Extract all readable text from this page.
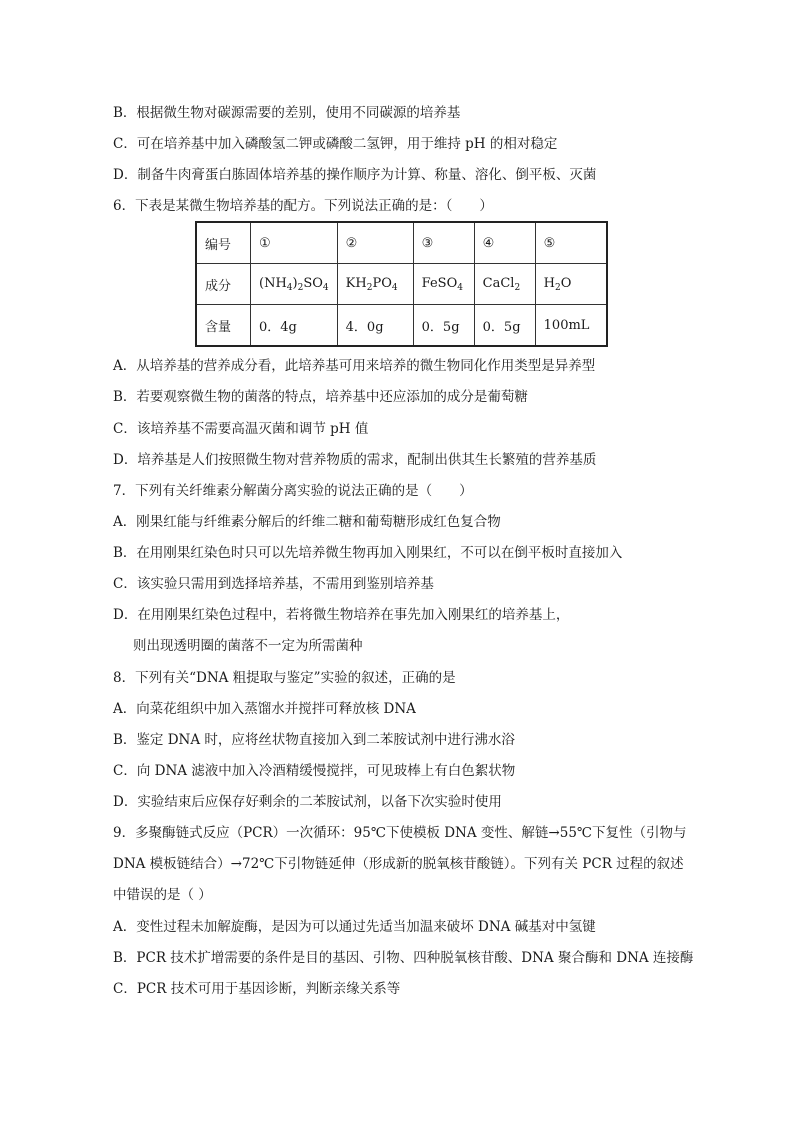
B．根据微生物对碳源需要的差别，使用不同碳源的培养基
C．可在培养基中加入磷酸氢二钾或磷酸二氢钾，用于维持 pH 的相对稳定
D．制备牛肉膏蛋白胨固体培养基的操作顺序为计算、称量、溶化、倒平板、灭菌
6．下表是某微生物培养基的配方。下列说法正确的是：（　　）
编号	①	②	③	④	⑤
成分	$(NH_4)_2SO_4$	$KH_2PO_4$	FeSO$_4$	CaCl$_2$	$H_2O$
含量	0．4g	4．0g	0．5g	0．5g	100mL
A．从培养基的营养成分看，此培养基可用来培养的微生物同化作用类型是异养型
B．若要观察微生物的菌落的特点，培养基中还应添加的成分是葡萄糖
C．该培养基不需要高温灭菌和调节 pH 值
D．培养基是人们按照微生物对营养物质的需求，配制出供其生长繁殖的营养基质
7．下列有关纤维素分解菌分离实验的说法正确的是（　　）
A．刚果红能与纤维素分解后的纤维二糖和葡萄糖形成红色复合物
B．在用刚果红染色时只可以先培养微生物再加入刚果红，不可以在倒平板时直接加入
C．该实验只需用到选择培养基，不需用到鉴别培养基
D．在用刚果红染色过程中，若将微生物培养在事先加入刚果红的培养基上，
则出现透明圈的菌落不一定为所需菌种
8．下列有关“DNA 粗提取与鉴定”实验的叙述，正确的是
A．向菜花组织中加入蒸馏水并搅拌可释放核 DNA
B．鉴定 DNA 时，应将丝状物直接加入到二苯胺试剂中进行沸水浴
C．向 DNA 滤液中加入冷酒精缓慢搅拌，可见玻棒上有白色絮状物
D．实验结束后应保存好剩余的二苯胺试剂，以备下次实验时使用
9．多聚酶链式反应（PCR）一次循环：95℃下使模板 DNA 变性、解链→55℃下复性（引物与
DNA 模板链结合）→72℃下引物链延伸（形成新的脱氧核苷酸链）。下列有关 PCR 过程的叙述
中错误的是（ ）
A．变性过程未加解旋酶，是因为可以通过先适当加温来破坏 DNA 碱基对中氢键
B．PCR 技术扩增需要的条件是目的基因、引物、四种脱氧核苷酸、DNA 聚合酶和 DNA 连接酶
C．PCR 技术可用于基因诊断，判断亲缘关系等
